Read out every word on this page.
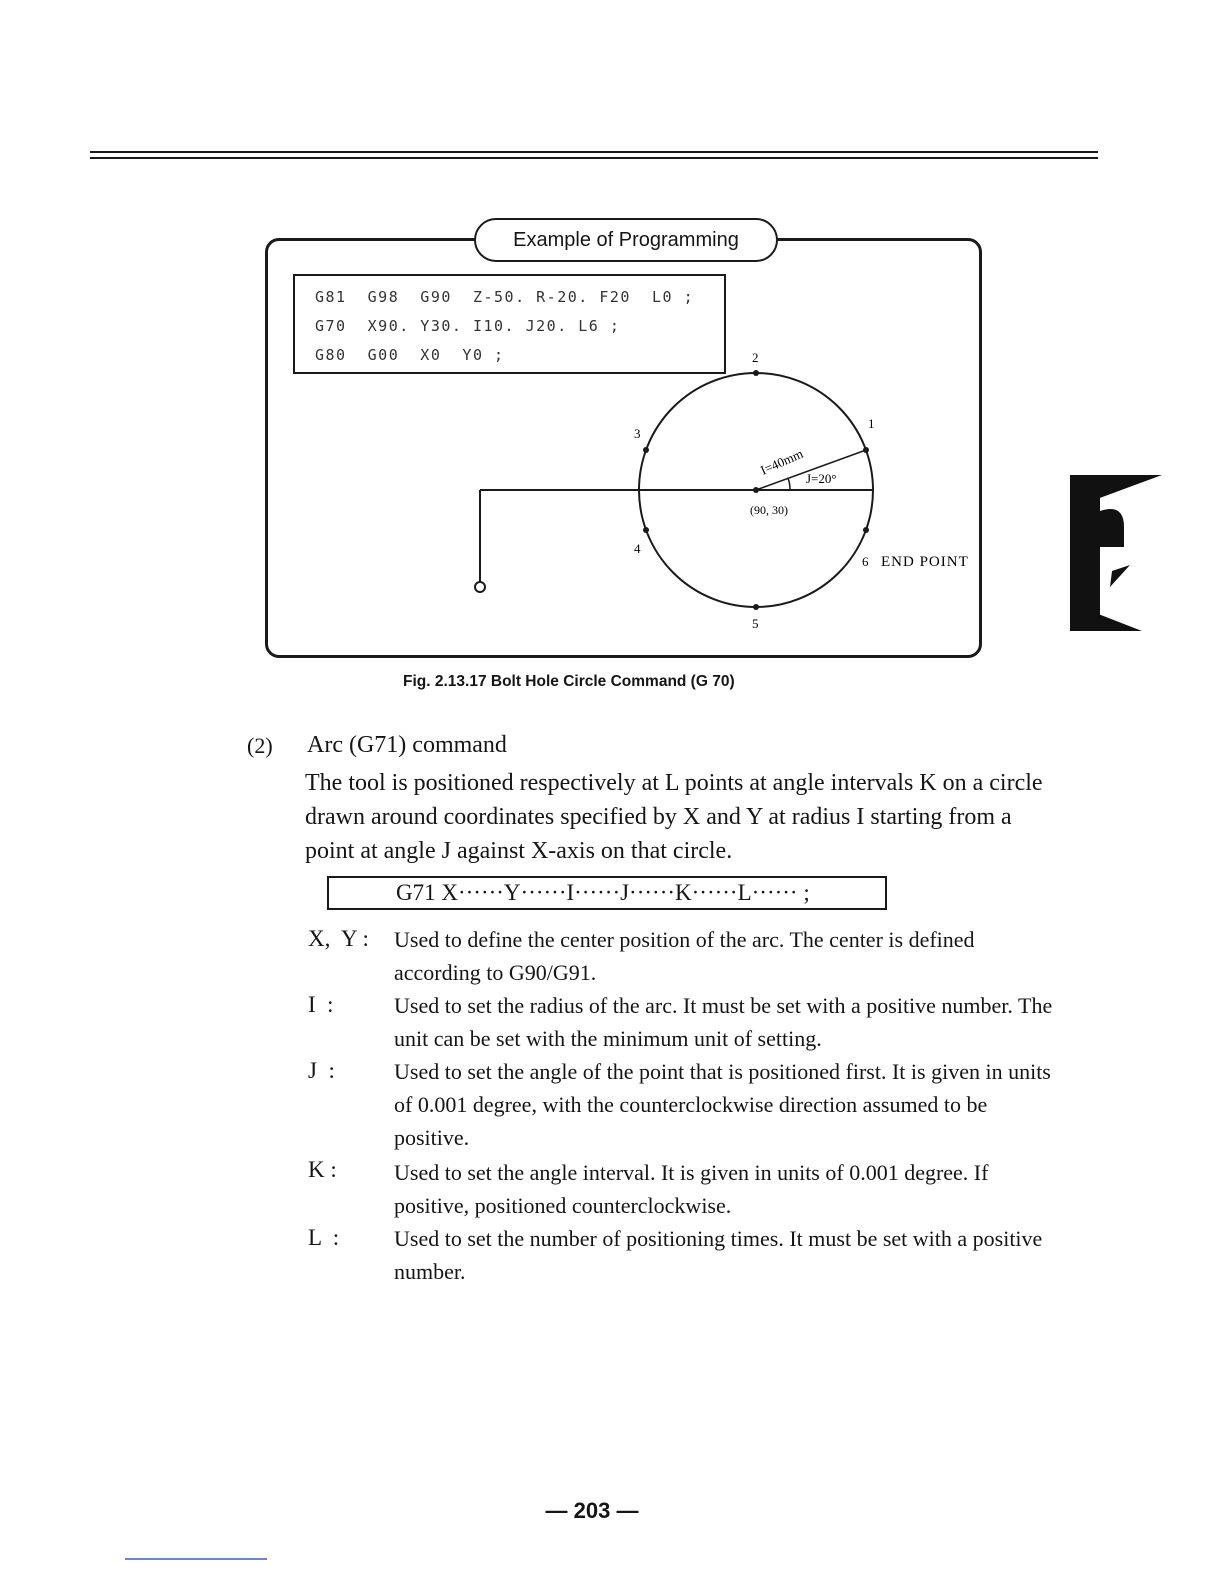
Example of Programming
G81  G98  G90  Z-50. R-20. F20  L0 ;
G70  X90. Y30. I10. J20. L6 ;
G80  G00  X0  Y0 ;
1
2
3
4
5
6
I=40mm
J=20°
(90, 30)
END POINT
Fig. 2.13.17 Bolt Hole Circle Command (G 70)
(2) Arc (G71) command
The tool is positioned respectively at L points at angle intervals K on a circle drawn around coordinates specified by X and Y at radius I starting from a point at angle J against X-axis on that circle.
G71 X······Y······I······J······K······L······ ;
X,  Y : Used to define the center position of the arc. The center is defined according to G90/G91.
I  :	Used to set the radius of the arc. It must be set with a positive number. The unit can be set with the minimum unit of setting.
J  :	Used to set the angle of the point that is positioned first. It is given in units of 0.001 degree, with the counterclockwise direction assumed to be positive.
K :	Used to set the angle interval. It is given in units of 0.001 degree. If positive, positioned counterclockwise.
L  : Used to set the number of positioning times. It must be set with a positive number.
— 203 —
